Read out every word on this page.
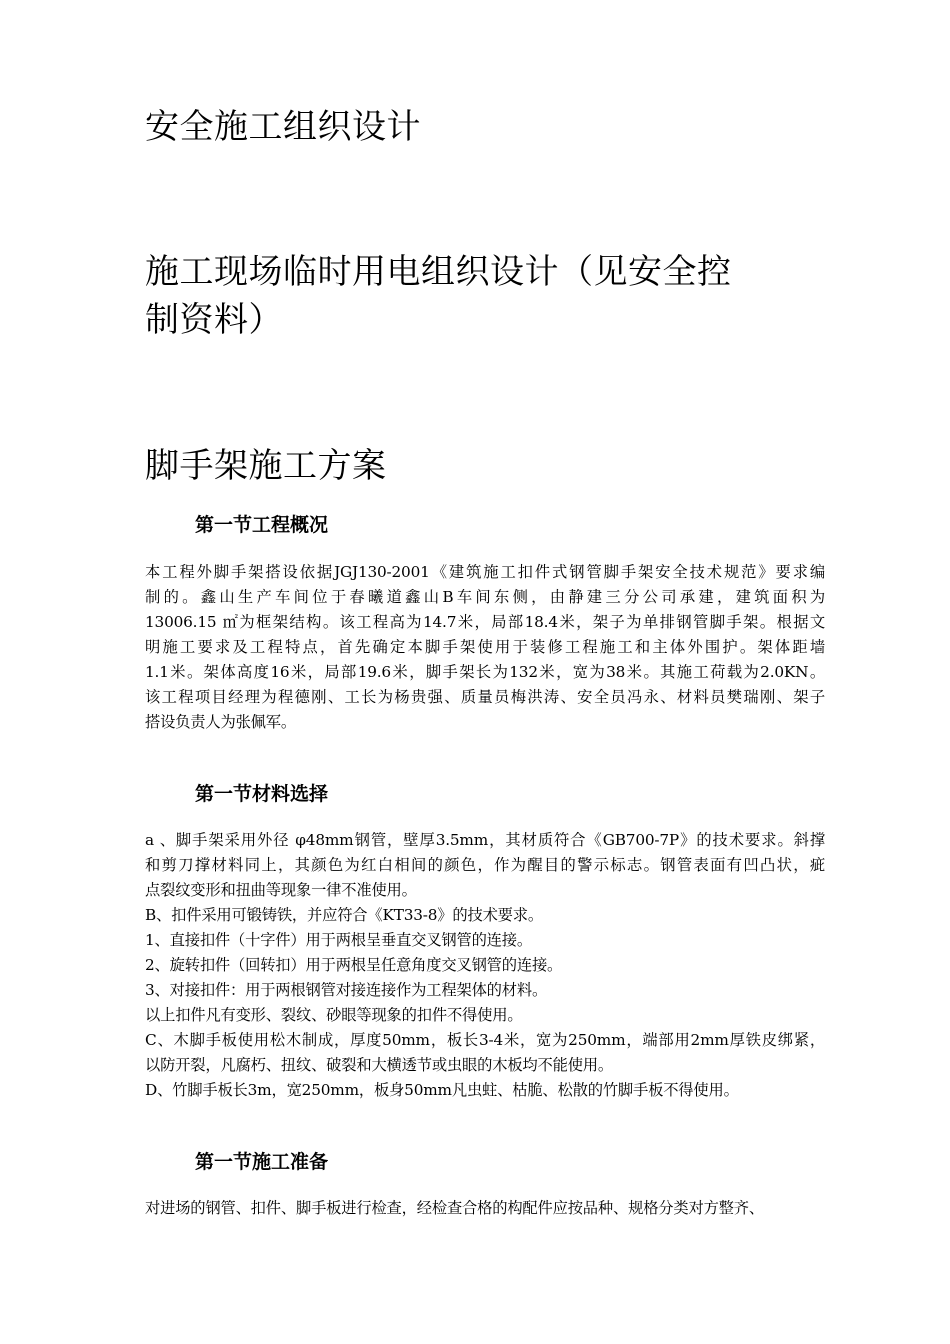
安全施工组织设计
施工现场临时用电组织设计（见安全控
制资料）
脚手架施工方案
第一节工程概况
本工程外脚手架搭设依据JGJ130-2001《建筑施工扣件式钢管脚手架安全技术规范》要求编
制的。鑫山生产车间位于春曦道鑫山B车间东侧，由静建三分公司承建，建筑面积为
13006.15 ㎡为框架结构。该工程高为14.7米，局部18.4米，架子为单排钢管脚手架。根据文
明施工要求及工程特点，首先确定本脚手架使用于装修工程施工和主体外围护。架体距墙
1.1米。架体高度16米，局部19.6米，脚手架长为132米，宽为38米。其施工荷载为2.0KN。
该工程项目经理为程德刚、工长为杨贵强、质量员梅洪涛、安全员冯永、材料员樊瑞刚、架子
搭设负责人为张佩军。
第一节材料选择
a 、脚手架采用外径 φ48mm钢管，壁厚3.5mm，其材质符合《GB700-7P》的技术要求。斜撑
和剪刀撑材料同上，其颜色为红白相间的颜色，作为醒目的警示标志。钢管表面有凹凸状，疵
点裂纹变形和扭曲等现象一律不准使用。
B、扣件采用可锻铸铁，并应符合《KT33-8》的技术要求。
1、直接扣件（十字件）用于两根呈垂直交叉钢管的连接。
2、旋转扣件（回转扣）用于两根呈任意角度交叉钢管的连接。
3、对接扣件：用于两根钢管对接连接作为工程架体的材料。
以上扣件凡有变形、裂纹、砂眼等现象的扣件不得使用。
C、木脚手板使用松木制成，厚度50mm，板长3-4米，宽为250mm，端部用2mm厚铁皮绑紧，
以防开裂，凡腐朽、扭纹、破裂和大横透节或虫眼的木板均不能使用。
D、竹脚手板长3m，宽250mm，板身50mm凡虫蛀、枯脆、松散的竹脚手板不得使用。
第一节施工准备
对进场的钢管、扣件、脚手板进行检查，经检查合格的构配件应按品种、规格分类对方整齐、
